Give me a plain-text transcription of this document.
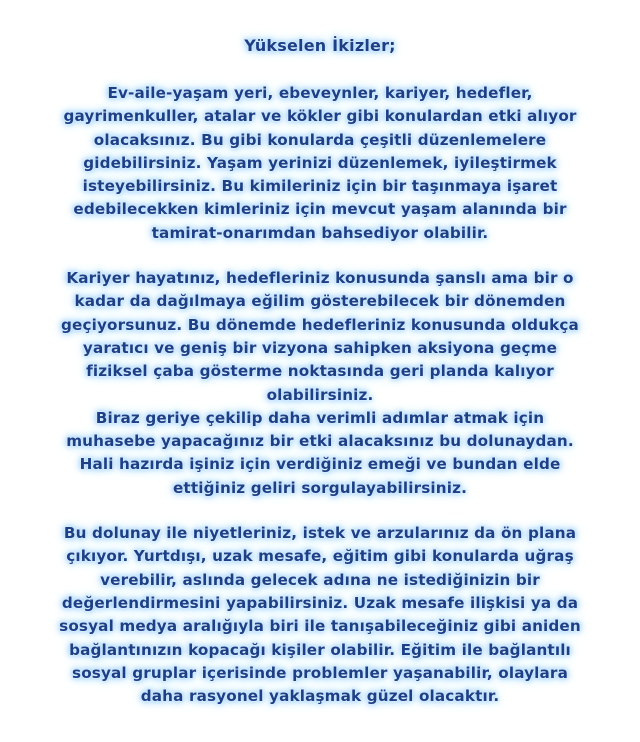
Yükselen İkizler;
Ev-aile-yaşam yeri, ebeveynler, kariyer, hedefler,
gayrimenkuller, atalar ve kökler gibi konulardan etki alıyor
olacaksınız. Bu gibi konularda çeşitli düzenlemelere
gidebilirsiniz. Yaşam yerinizi düzenlemek, iyileştirmek
isteyebilirsiniz. Bu kimileriniz için bir taşınmaya işaret
edebilecekken kimleriniz için mevcut yaşam alanında bir
tamirat-onarımdan bahsediyor olabilir.
Kariyer hayatınız, hedefleriniz konusunda şanslı ama bir o
kadar da dağılmaya eğilim gösterebilecek bir dönemden
geçiyorsunuz. Bu dönemde hedefleriniz konusunda oldukça
yaratıcı ve geniş bir vizyona sahipken aksiyona geçme
fiziksel çaba gösterme noktasında geri planda kalıyor
olabilirsiniz.
Biraz geriye çekilip daha verimli adımlar atmak için
muhasebe yapacağınız bir etki alacaksınız bu dolunaydan.
Hali hazırda işiniz için verdiğiniz emeği ve bundan elde
ettiğiniz geliri sorgulayabilirsiniz.
Bu dolunay ile niyetleriniz, istek ve arzularınız da ön plana
çıkıyor. Yurtdışı, uzak mesafe, eğitim gibi konularda uğraş
verebilir, aslında gelecek adına ne istediğinizin bir
değerlendirmesini yapabilirsiniz. Uzak mesafe ilişkisi ya da
sosyal medya aralığıyla biri ile tanışabileceğiniz gibi aniden
bağlantınızın kopacağı kişiler olabilir. Eğitim ile bağlantılı
sosyal gruplar içerisinde problemler yaşanabilir, olaylara
daha rasyonel yaklaşmak güzel olacaktır.
